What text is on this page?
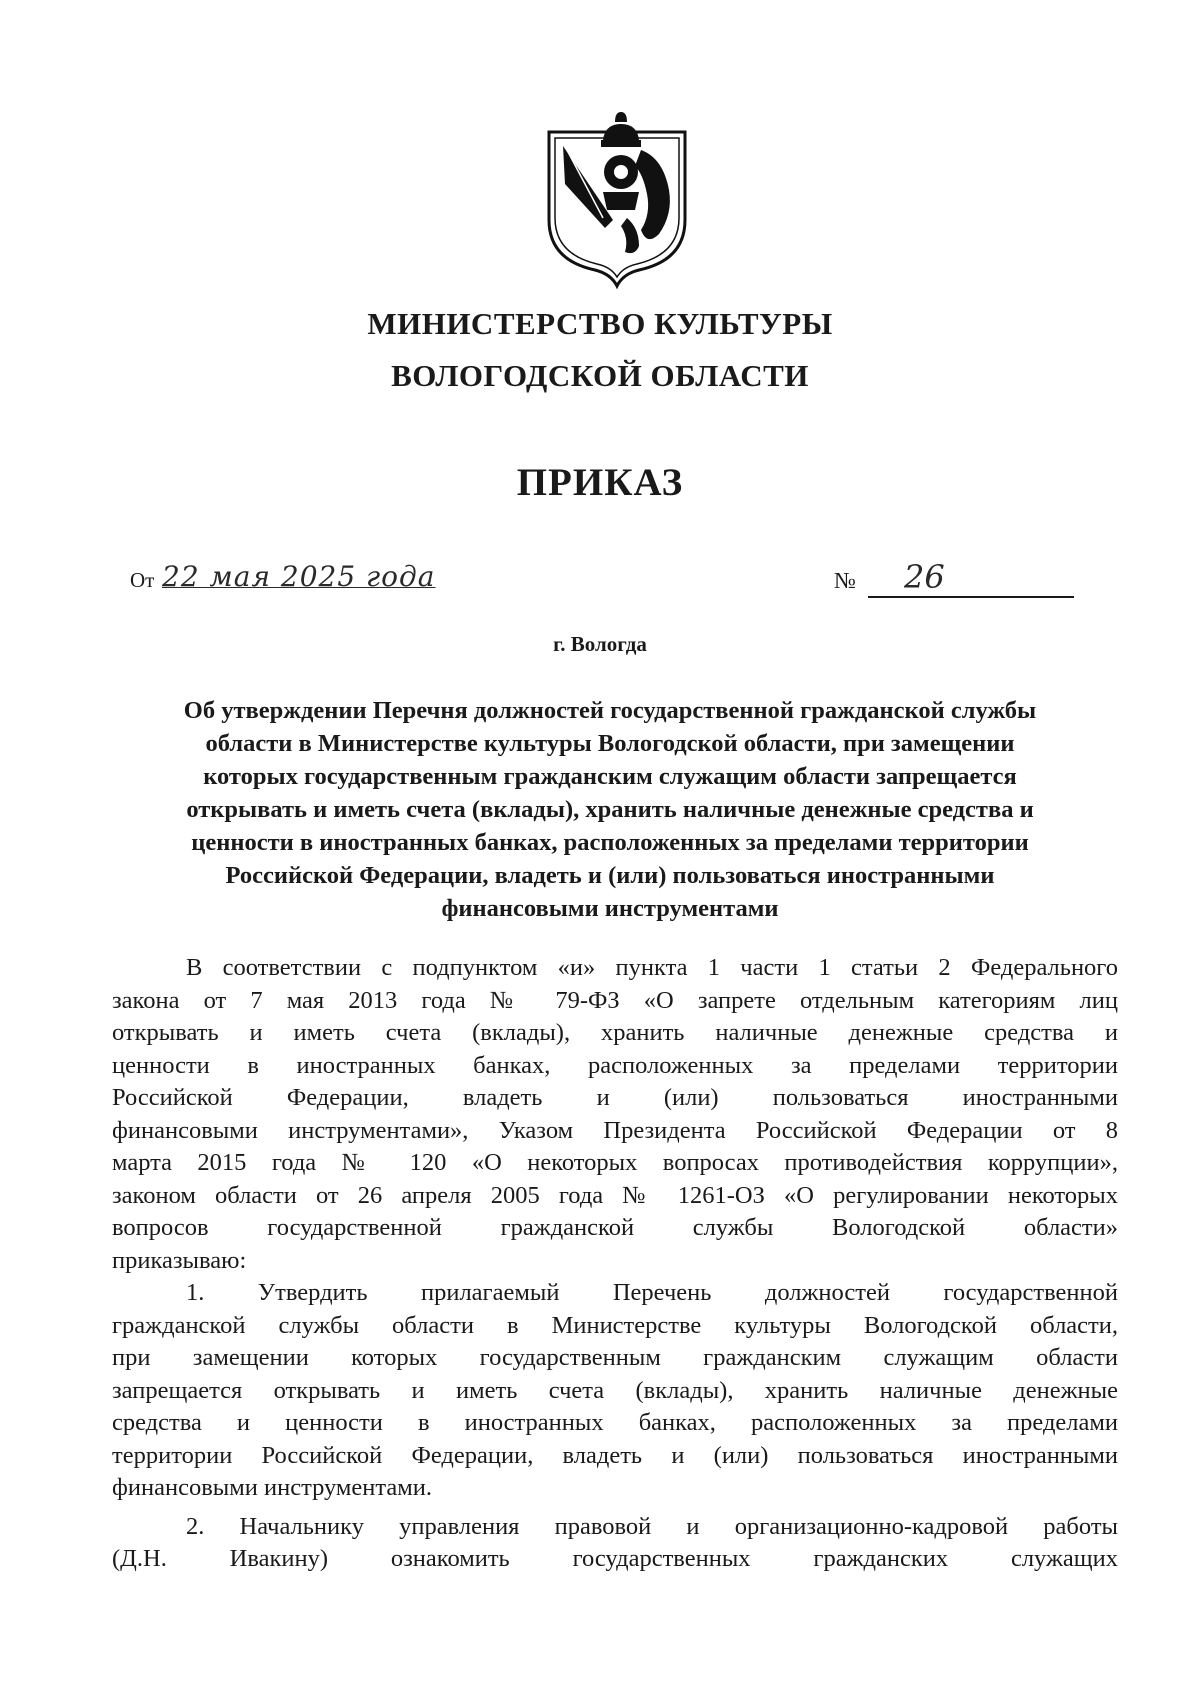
МИНИСТЕРСТВО КУЛЬТУРЫ
ВОЛОГОДСКОЙ ОБЛАСТИ
ПРИКАЗ
От 22 мая 2025 года	№ 26
г. Вологда
Об утверждении Перечня должностей государственной гражданской службы
области в Министерстве культуры Вологодской области, при замещении
которых государственным гражданским служащим области запрещается
открывать и иметь счета (вклады), хранить наличные денежные средства и
ценности в иностранных банках, расположенных за пределами территории
Российской Федерации, владеть и (или) пользоваться иностранными
финансовыми инструментами
В соответствии с подпунктом «и» пункта 1 части 1 статьи 2 Федерального
закона от 7 мая 2013 года № 79-ФЗ «О запрете отдельным категориям лиц
открывать и иметь счета (вклады), хранить наличные денежные средства и
ценности в иностранных банках, расположенных за пределами территории
Российской Федерации, владеть и (или) пользоваться иностранными
финансовыми инструментами», Указом Президента Российской Федерации от 8
марта 2015 года № 120 «О некоторых вопросах противодействия коррупции»,
законом области от 26 апреля 2005 года № 1261-ОЗ «О регулировании некоторых
вопросов государственной гражданской службы Вологодской области»
приказываю:
1. Утвердить прилагаемый Перечень должностей государственной
гражданской службы области в Министерстве культуры Вологодской области,
при замещении которых государственным гражданским служащим области
запрещается открывать и иметь счета (вклады), хранить наличные денежные
средства и ценности в иностранных банках, расположенных за пределами
территории Российской Федерации, владеть и (или) пользоваться иностранными
финансовыми инструментами.
2. Начальнику управления правовой и организационно-кадровой работы
(Д.Н. Ивакину) ознакомить государственных гражданских служащих
